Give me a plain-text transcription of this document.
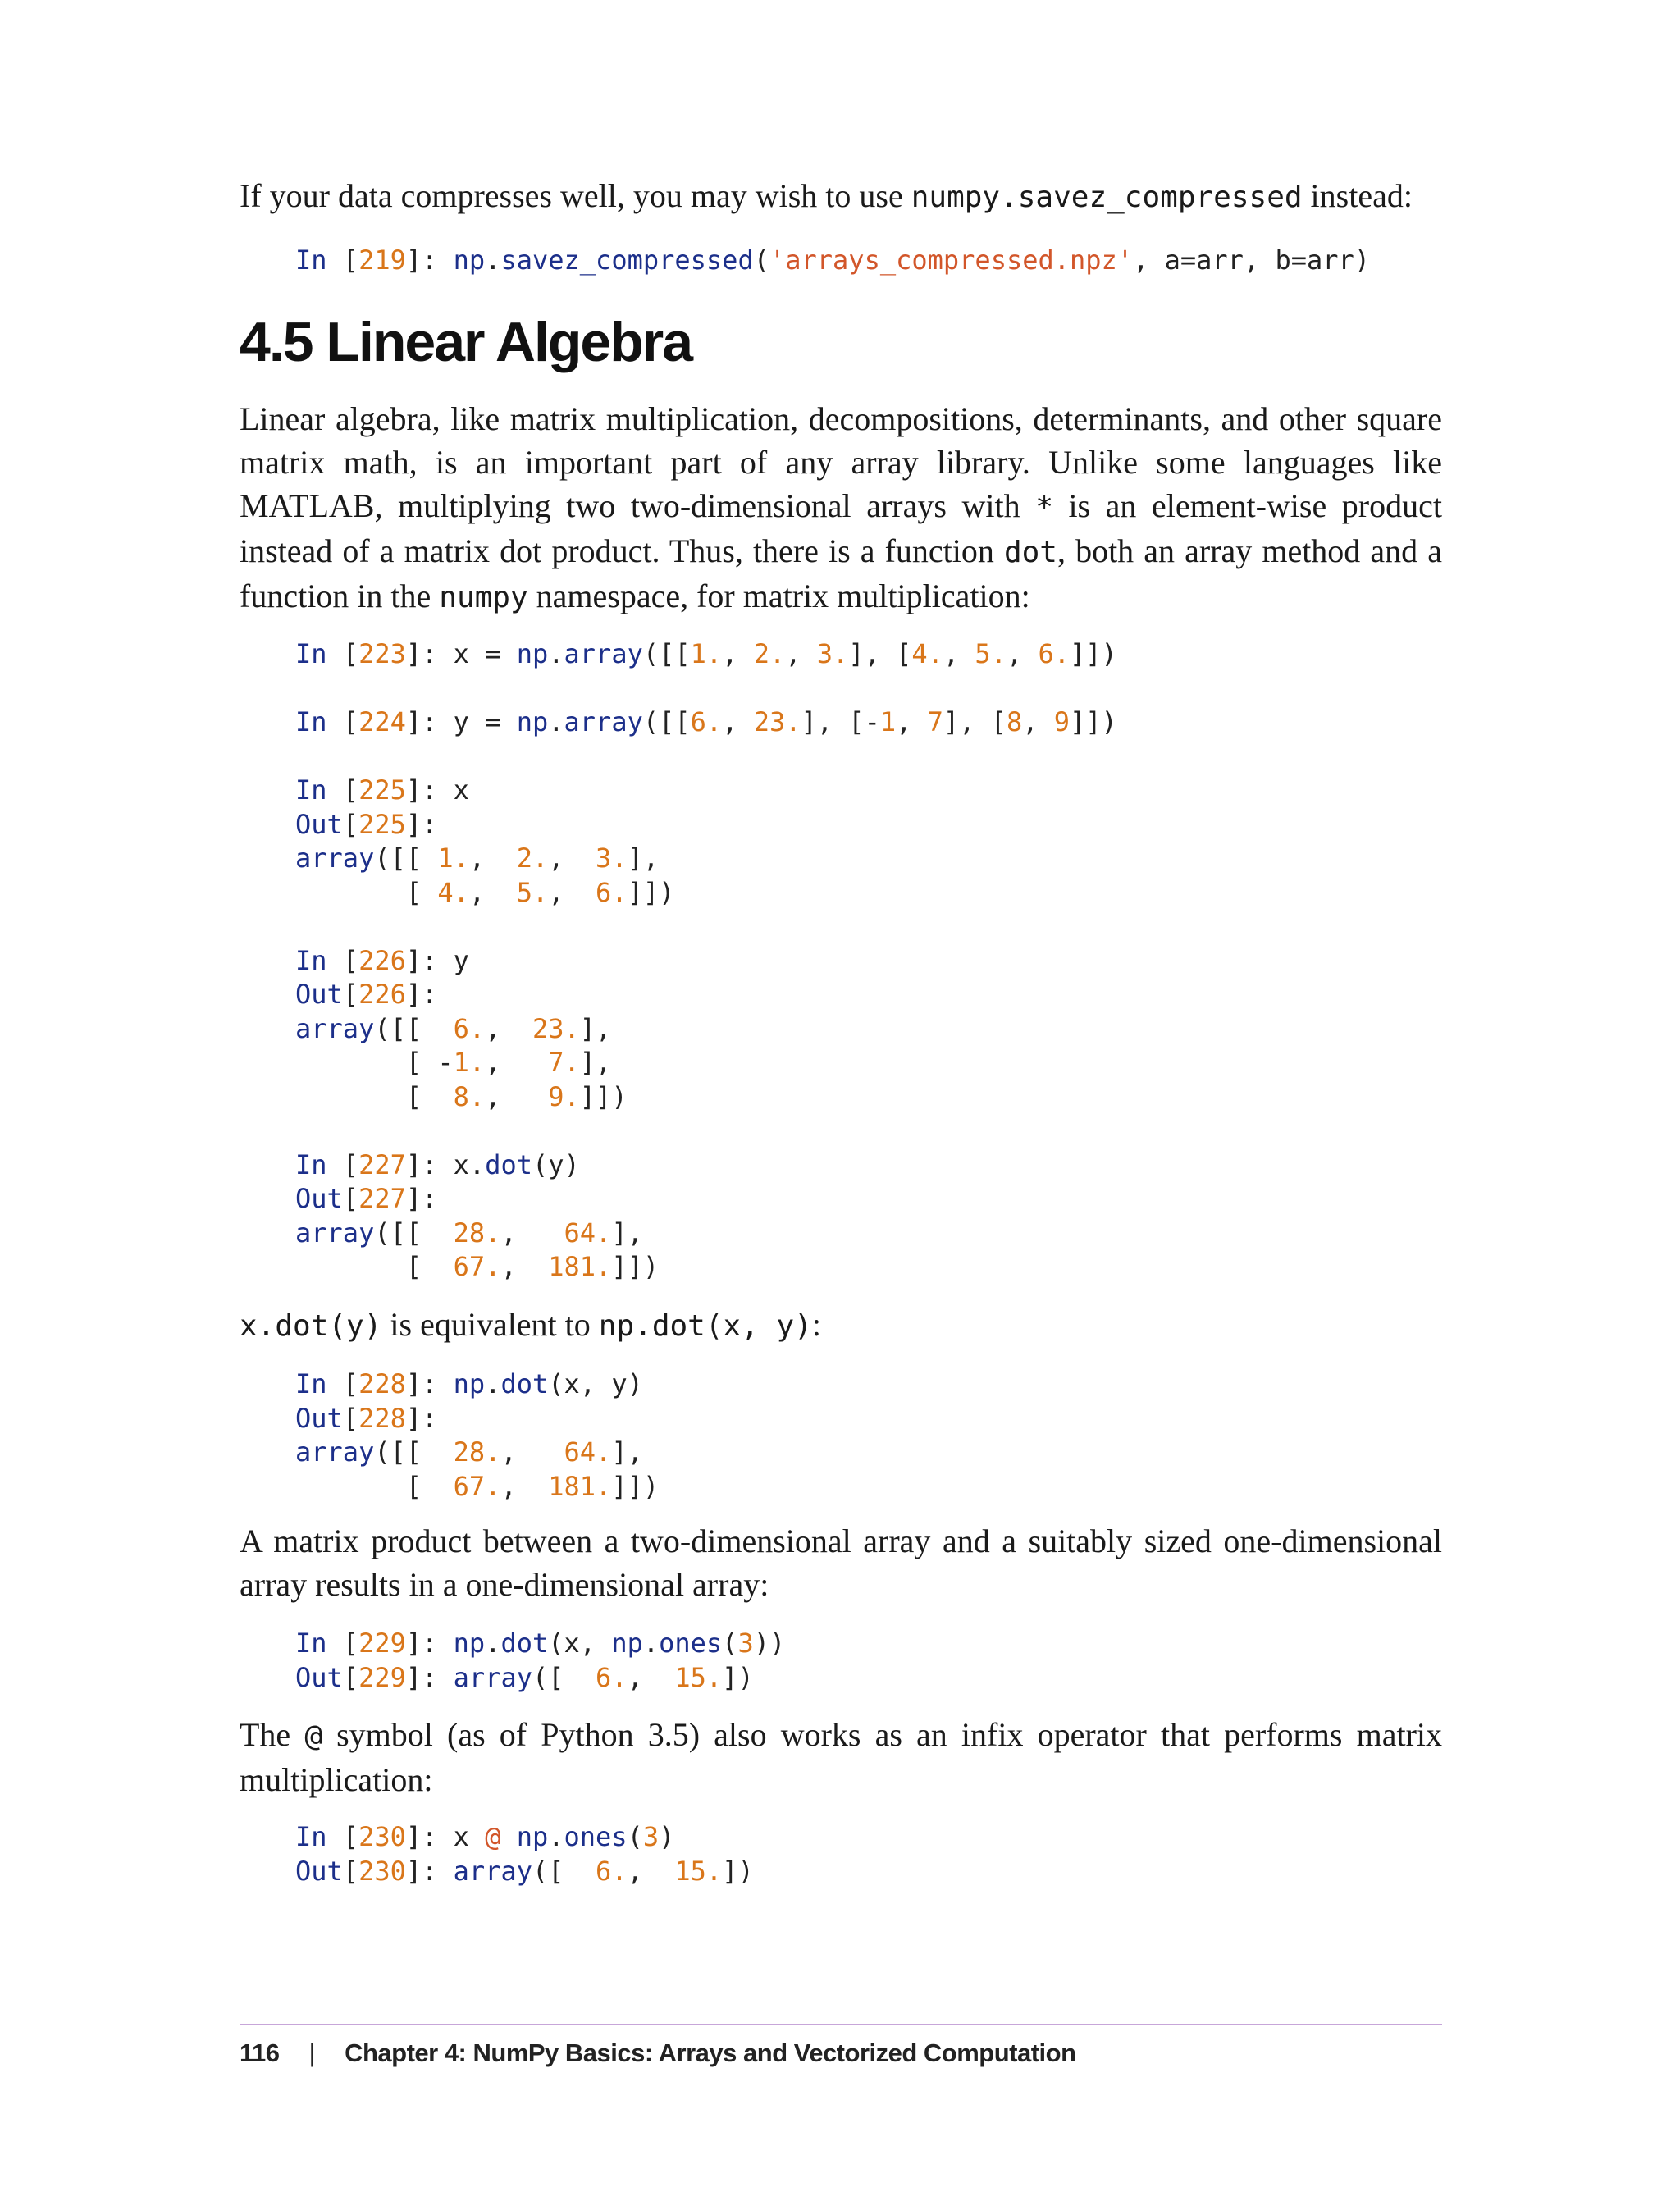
If your data compresses well, you may wish to use numpy.savez_compressed instead:

In [219]: np.savez_compressed('arrays_compressed.npz', a=arr, b=arr)
4.5 Linear Algebra

Linear algebra, like matrix multiplication, decompositions, determinants, and other square matrix math, is an important part of any array library. Unlike some languages like MATLAB, multiplying two two-dimensional arrays with * is an element-wise product instead of a matrix dot product. Thus, there is a function dot, both an array method and a function in the numpy namespace, for matrix multiplication:

In [223]: x = np.array([[1., 2., 3.], [4., 5., 6.]])

In [224]: y = np.array([[6., 23.], [-1, 7], [8, 9]])

In [225]: x
Out[225]:
array([[ 1.,  2.,  3.],
[ 4.,  5.,  6.]])

In [226]: y
Out[226]:
array([[  6.,  23.],
[ -1.,   7.],
[  8.,   9.]])

In [227]: x.dot(y)
Out[227]:
array([[  28.,   64.],
[  67.,  181.]])

x.dot(y) is equivalent to np.dot(x, y):

In [228]: np.dot(x, y)
Out[228]:
array([[  28.,   64.],
[  67.,  181.]])

A matrix product between a two-dimensional array and a suitably sized one-dimensional array results in a one-dimensional array:

In [229]: np.dot(x, np.ones(3))
Out[229]: array([  6.,  15.])

The @ symbol (as of Python 3.5) also works as an infix operator that performs matrix multiplication:

In [230]: x @ np.ones(3)
Out[230]: array([  6.,  15.])
116 | Chapter 4: NumPy Basics: Arrays and Vectorized Computation
